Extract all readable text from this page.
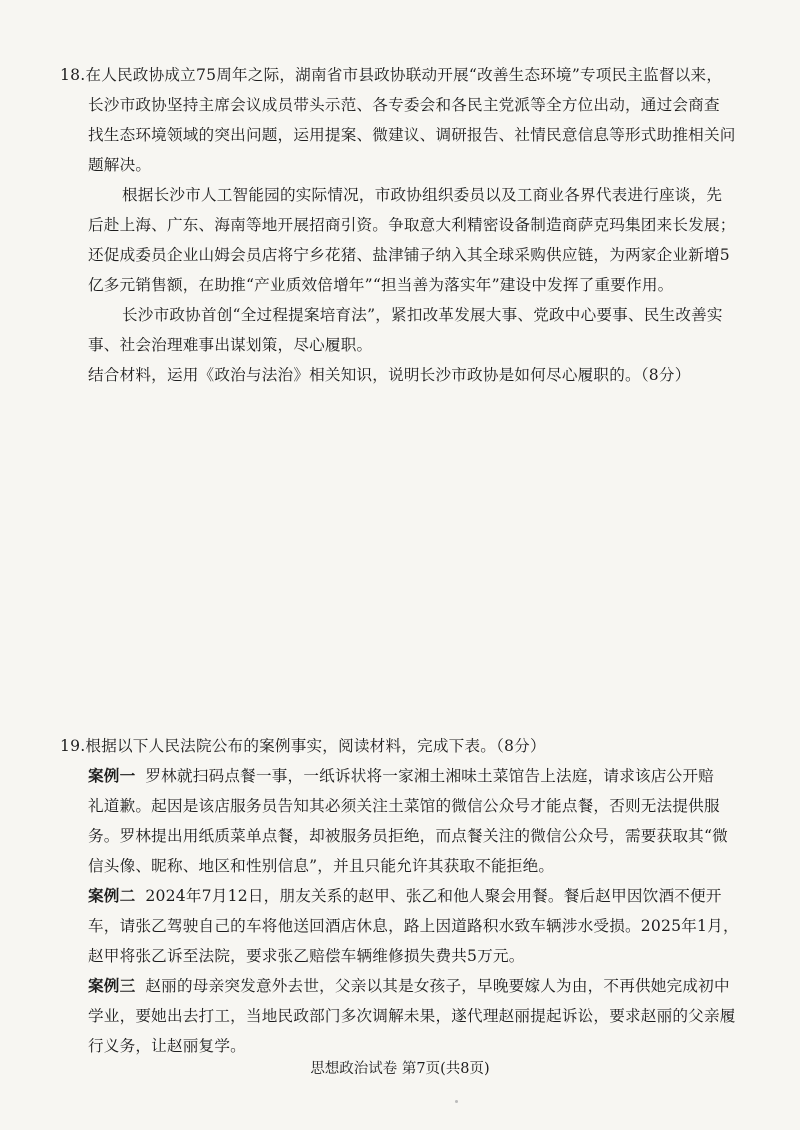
18.在人民政协成立75周年之际，湖南省市县政协联动开展“改善生态环境”专项民主监督以来，
长沙市政协坚持主席会议成员带头示范、各专委会和各民主党派等全方位出动，通过会商查
找生态环境领域的突出问题，运用提案、微建议、调研报告、社情民意信息等形式助推相关问
题解决。
根据长沙市人工智能园的实际情况，市政协组织委员以及工商业各界代表进行座谈，先
后赴上海、广东、海南等地开展招商引资。争取意大利精密设备制造商萨克玛集团来长发展；
还促成委员企业山姆会员店将宁乡花猪、盐津铺子纳入其全球采购供应链，为两家企业新增5
亿多元销售额，在助推“产业质效倍增年”“担当善为落实年”建设中发挥了重要作用。
长沙市政协首创“全过程提案培育法”，紧扣改革发展大事、党政中心要事、民生改善实
事、社会治理难事出谋划策，尽心履职。
结合材料，运用《政治与法治》相关知识，说明长沙市政协是如何尽心履职的。（8分）
19.根据以下人民法院公布的案例事实，阅读材料，完成下表。（8分）
案例一 罗林就扫码点餐一事，一纸诉状将一家湘土湘味土菜馆告上法庭，请求该店公开赔
礼道歉。起因是该店服务员告知其必须关注土菜馆的微信公众号才能点餐，否则无法提供服
务。罗林提出用纸质菜单点餐，却被服务员拒绝，而点餐关注的微信公众号，需要获取其“微
信头像、昵称、地区和性别信息”，并且只能允许其获取不能拒绝。
案例二 2024年7月12日，朋友关系的赵甲、张乙和他人聚会用餐。餐后赵甲因饮酒不便开
车，请张乙驾驶自己的车将他送回酒店休息，路上因道路积水致车辆涉水受损。2025年1月，
赵甲将张乙诉至法院，要求张乙赔偿车辆维修损失费共5万元。
案例三 赵丽的母亲突发意外去世，父亲以其是女孩子，早晚要嫁人为由，不再供她完成初中
学业，要她出去打工，当地民政部门多次调解未果，遂代理赵丽提起诉讼，要求赵丽的父亲履
行义务，让赵丽复学。
思想政治试卷 第7页(共8页)
